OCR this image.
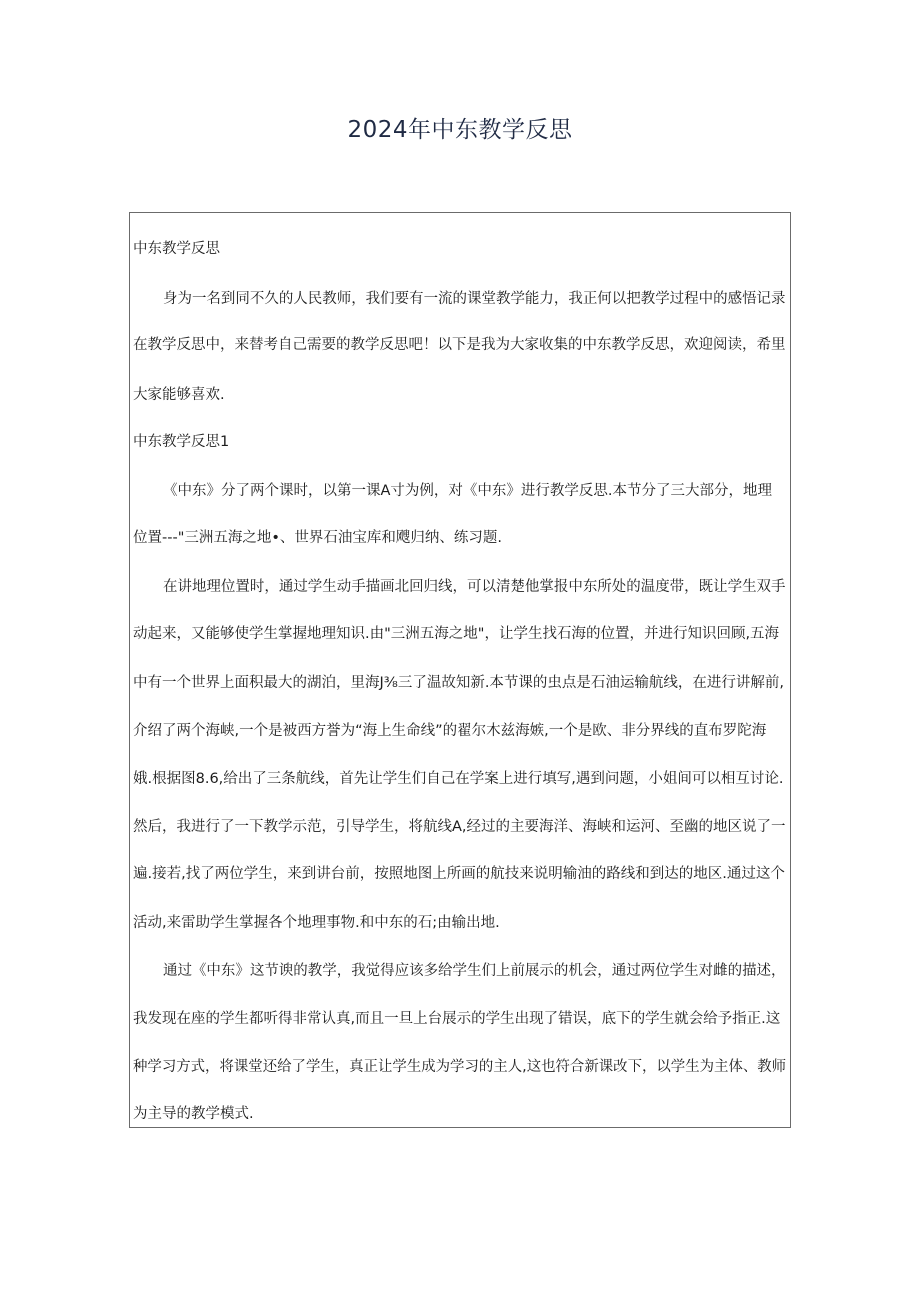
2024年中东教学反思
中东教学反思
身为一名到同不久的人民教师，我们要有一流的课堂教学能力，我正何以把教学过程中的感悟记录
在教学反思中，来替考自己需要的教学反思吧！以下是我为大家收集的中东教学反思，欢迎阅读，希里
大家能够喜欢.
中东教学反思1
《中东》分了两个课时，以第一课A寸为例，对《中东》进行教学反思.本节分了三大部分，地理
位置---"三洲五海之地•、世界石油宝库和飕归纳、练习题.
在讲地理位置时，通过学生动手描画北回归线，可以清楚他掌报中东所处的温度带，既让学生双手
动起来，又能够使学生掌握地理知识.由"三洲五海之地"，让学生找石海的位置，并进行知识回顾,五海
中有一个世界上面积最大的湖泊，里海J⅜三了温故知新.本节课的虫点是石油运输航线，在进行讲解前,
介绍了两个海峡,一个是被西方誉为“海上生命线”的翟尔木兹海嫉,一个是欧、非分界线的直布罗陀海
娥.根据图8.6,给出了三条航线，首先让学生们自己在学案上进行填写,遇到问题，小姐间可以相互讨论.
然后，我进行了一下教学示范，引导学生，将航线A,经过的主要海洋、海峡和运河、至幽的地区说了一
遍.接若,找了两位学生，来到讲台前，按照地图上所画的航技来说明输油的路线和到达的地区.通过这个
活动,来雷助学生掌握各个地理事物.和中东的石;由输出地.
通过《中东》这节谀的教学，我觉得应该多给学生们上前展示的机会，通过两位学生对雌的描述，
我发现在座的学生都听得非常认真,而且一旦上台展示的学生出现了错误，底下的学生就会给予指正.这
种学习方式，将课堂还给了学生，真正让学生成为学习的主人,这也符合新课改下，以学生为主体、教师
为主导的教学模式.
